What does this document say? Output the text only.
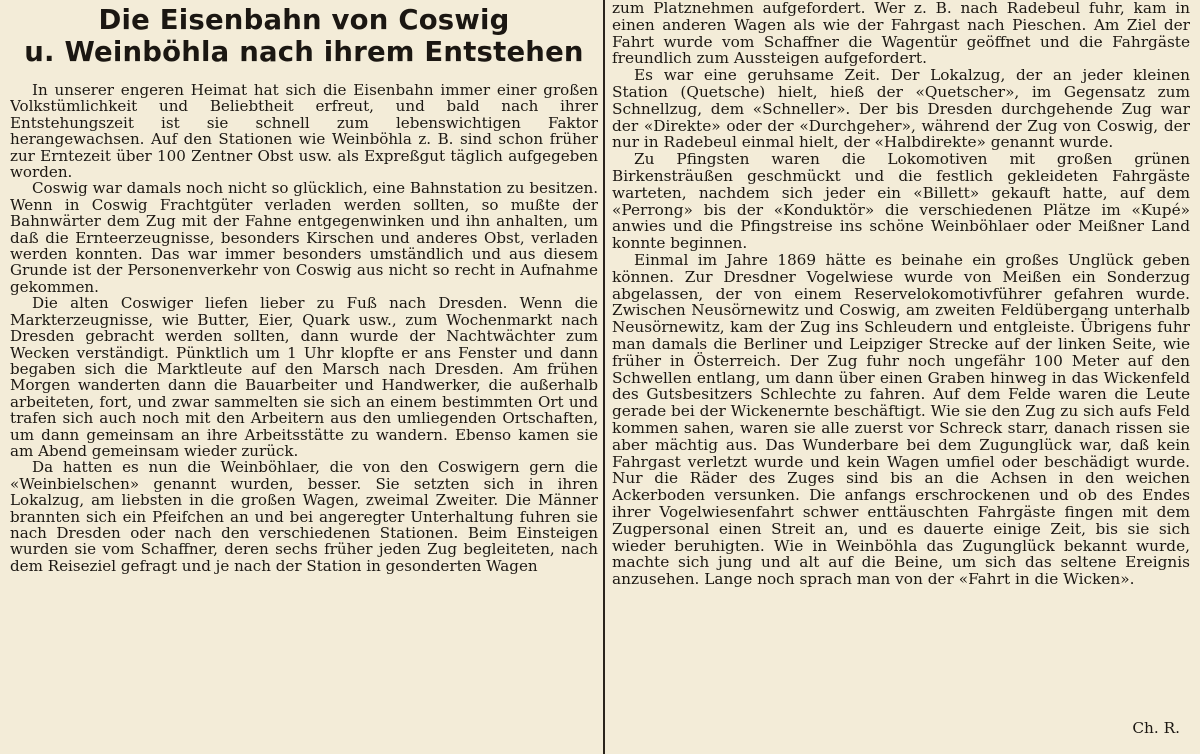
Die Eisenbahn von Coswig
u. Weinböhla nach ihrem Entstehen

In unserer engeren Heimat hat sich die Eisenbahn immer einer großen Volkstümlichkeit und Beliebtheit erfreut, und bald nach ihrer Entstehungszeit ist sie schnell zum lebenswichtigen Faktor herangewachsen. Auf den Stationen wie Weinböhla z. B. sind schon früher zur Erntezeit über 100 Zentner Obst usw. als Expreßgut täglich aufgegeben worden.

Coswig war damals noch nicht so glücklich, eine Bahnstation zu besitzen. Wenn in Coswig Frachtgüter verladen werden sollten, so mußte der Bahnwärter dem Zug mit der Fahne entgegenwinken und ihn anhalten, um daß die Ernteerzeugnisse, besonders Kirschen und anderes Obst, verladen werden konnten. Das war immer besonders umständlich und aus diesem Grunde ist der Personenverkehr von Coswig aus nicht so recht in Aufnahme gekommen.

Die alten Coswiger liefen lieber zu Fuß nach Dresden. Wenn die Markterzeugnisse, wie Butter, Eier, Quark usw., zum Wochenmarkt nach Dresden gebracht werden sollten, dann wurde der Nachtwächter zum Wecken verständigt. Pünktlich um 1 Uhr klopfte er ans Fenster und dann begaben sich die Marktleute auf den Marsch nach Dresden. Am frühen Morgen wanderten dann die Bauarbeiter und Handwerker, die außerhalb arbeiteten, fort, und zwar sammelten sie sich an einem bestimmten Ort und trafen sich auch noch mit den Arbeitern aus den umliegenden Ortschaften, um dann gemeinsam an ihre Arbeitsstätte zu wandern. Ebenso kamen sie am Abend gemeinsam wieder zurück.

Da hatten es nun die Weinböhlaer, die von den Coswigern gern die «Weinbielschen» genannt wurden, besser. Sie setzten sich in ihren Lokalzug, am liebsten in die großen Wagen, zweimal Zweiter. Die Männer brannten sich ein Pfeifchen an und bei angeregter Unterhaltung fuhren sie nach Dresden oder nach den verschiedenen Stationen. Beim Einsteigen wurden sie vom Schaffner, deren sechs früher jeden Zug begleiteten, nach dem Reiseziel gefragt und je nach der Station in gesonderten Wagen

zum Platznehmen aufgefordert. Wer z. B. nach Radebeul fuhr, kam in einen anderen Wagen als wie der Fahrgast nach Pieschen. Am Ziel der Fahrt wurde vom Schaffner die Wagentür geöffnet und die Fahrgäste freundlich zum Aussteigen aufgefordert.

Es war eine geruhsame Zeit. Der Lokalzug, der an jeder kleinen Station (Quetsche) hielt, hieß der «Quetscher», im Gegensatz zum Schnellzug, dem «Schneller». Der bis Dresden durchgehende Zug war der «Direkte» oder der «Durchgeher», während der Zug von Coswig, der nur in Radebeul einmal hielt, der «Halbdirekte» genannt wurde.

Zu Pfingsten waren die Lokomotiven mit großen grünen Birkensträußen geschmückt und die festlich gekleideten Fahrgäste warteten, nachdem sich jeder ein «Billett» gekauft hatte, auf dem «Perrong» bis der «Konduktör» die verschiedenen Plätze im «Kupé» anwies und die Pfingstreise ins schöne Weinböhlaer oder Meißner Land konnte beginnen.

Einmal im Jahre 1869 hätte es beinahe ein großes Unglück geben können. Zur Dresdner Vogelwiese wurde von Meißen ein Sonderzug abgelassen, der von einem Reservelokomotivführer gefahren wurde. Zwischen Neusörnewitz und Coswig, am zweiten Feldübergang unterhalb Neusörnewitz, kam der Zug ins Schleudern und entgleiste. Übrigens fuhr man damals die Berliner und Leipziger Strecke auf der linken Seite, wie früher in Österreich. Der Zug fuhr noch ungefähr 100 Meter auf den Schwellen entlang, um dann über einen Graben hinweg in das Wickenfeld des Gutsbesitzers Schlechte zu fahren. Auf dem Felde waren die Leute gerade bei der Wickenernte beschäftigt. Wie sie den Zug zu sich aufs Feld kommen sahen, waren sie alle zuerst vor Schreck starr, danach rissen sie aber mächtig aus. Das Wunderbare bei dem Zugunglück war, daß kein Fahrgast verletzt wurde und kein Wagen umfiel oder beschädigt wurde. Nur die Räder des Zuges sind bis an die Achsen in den weichen Ackerboden versunken. Die anfangs erschrockenen und ob des Endes ihrer Vogelwiesenfahrt schwer enttäuschten Fahrgäste fingen mit dem Zugpersonal einen Streit an, und es dauerte einige Zeit, bis sie sich wieder beruhigten. Wie in Weinböhla das Zugunglück bekannt wurde, machte sich jung und alt auf die Beine, um sich das seltene Ereignis anzusehen. Lange noch sprach man von der «Fahrt in die Wicken».

Ch. R.
